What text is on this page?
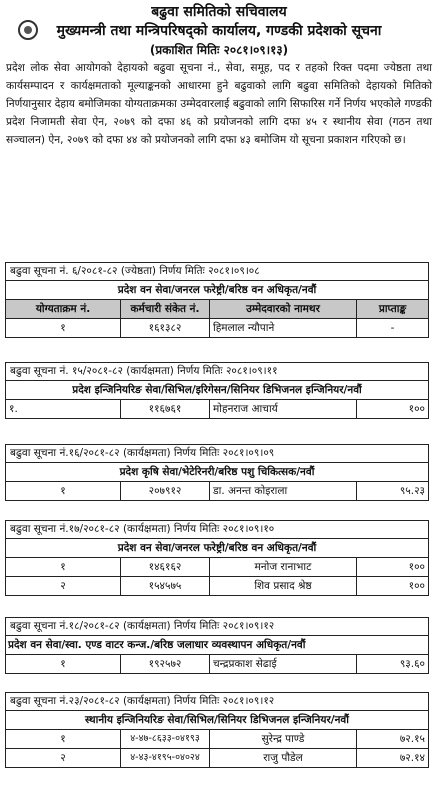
बढुवा समितिको सचिवालय
मुख्यमन्त्री तथा मन्त्रिपरिषद्को कार्यालय, गण्डकी प्रदेशको सूचना
(प्रकाशित मितिः २०८१।०९।१३)
प्रदेश लोक सेवा आयोगको देहायको बढुवा सूचना नं., सेवा, समूह, पद र तहको रिक्त पदमा ज्येष्ठता तथा कार्यसम्पादन र कार्यक्षमताको मूल्याङ्कनको आधारमा हुने बढुवाको लागि बढुवा समितिको देहायको मितिको निर्णयानुसार देहाय बमोजिमका योग्यताक्रमका उम्मेदवारलाई बढुवाको लागि सिफारिस गर्ने निर्णय भएकोले गण्डकी प्रदेश निजामती सेवा ऐन, २०७९ को दफा ४६ को प्रयोजनको लागि दफा ४५ र स्थानीय सेवा (गठन तथा सञ्चालन) ऐन, २०७९ को दफा ४४ को प्रयोजनको लागि दफा ४३ बमोजिम यो सूचना प्रकाशन गरिएको छ।
बढुवा सूचना नं. ६/२०८१-८२ (ज्येष्ठता) निर्णय मितिः २०८१।०९।०८
प्रदेश वन सेवा/जनरल फरेष्ट्री/बरिष्ठ वन अधिकृत/नवौं
योग्यताक्रम नं.	कर्मचारी संकेत नं.	उम्मेदवारको नामथर	प्राप्ताङ्क
१	१६१३८२	हिमलाल न्यौपाने	-
बढुवा सूचना नं. १५/२०८१-८२ (कार्यक्षमता) निर्णय मितिः २०८१।०९।११
प्रदेश इन्जिनियरिङ सेवा/सिभिल/इरिगेसन/सिनियर डिभिजनल इन्जिनियर/नवौं
१.	११६७६१	मोहनराज आचार्य	१००
बढुवा सूचना नं.१६/२०८१-८२ (कार्यक्षमता) निर्णय मितिः २०८१।०९।०९
प्रदेश कृषि सेवा/भेटेरिनरी/बरिष्ठ पशु चिकित्सक/नवौं
१	२०७९१२	डा. अनन्त कोइराला	९५.२३
बढुवा सूचना नं.१७/२०८१-८२ (कार्यक्षमता) निर्णय मितिः २०८१।०९।१०
प्रदेश वन सेवा/जनरल फरेष्ट्री/बरिष्ठ वन अधिकृत/नवौं
१	१४६१६२	मनोज रानाभाट	१००
२	१५४५७५	शिव प्रसाद श्रेष्ठ	१००
बढुवा सूचना नं.१८/२०८१-८२ (कार्यक्षमता) निर्णय मितिः २०८१।०९।१२
प्रदेश वन सेवा/स्वा. एण्ड वाटर कन्ज./बरिष्ठ जलाधार व्यवस्थापन अधिकृत/नवौं
१	१९२५७२	चन्द्रप्रकाश सेढाई	९३.६०
बढुवा सूचना नं.२३/२०८१-८२ (कार्यक्षमता) निर्णय मितिः २०८१।०९।१२
स्थानीय इन्जिनियरिङ सेवा/सिभिल/सिनियर डिभिजनल इन्जिनियर/नवौं
१	४-४७-८६३३-०४१९३	सुरेन्द्र पाण्डे	७२.१५
२	४-४३-४१९५-०४०२४	राजु पौडेल	७२.१४
